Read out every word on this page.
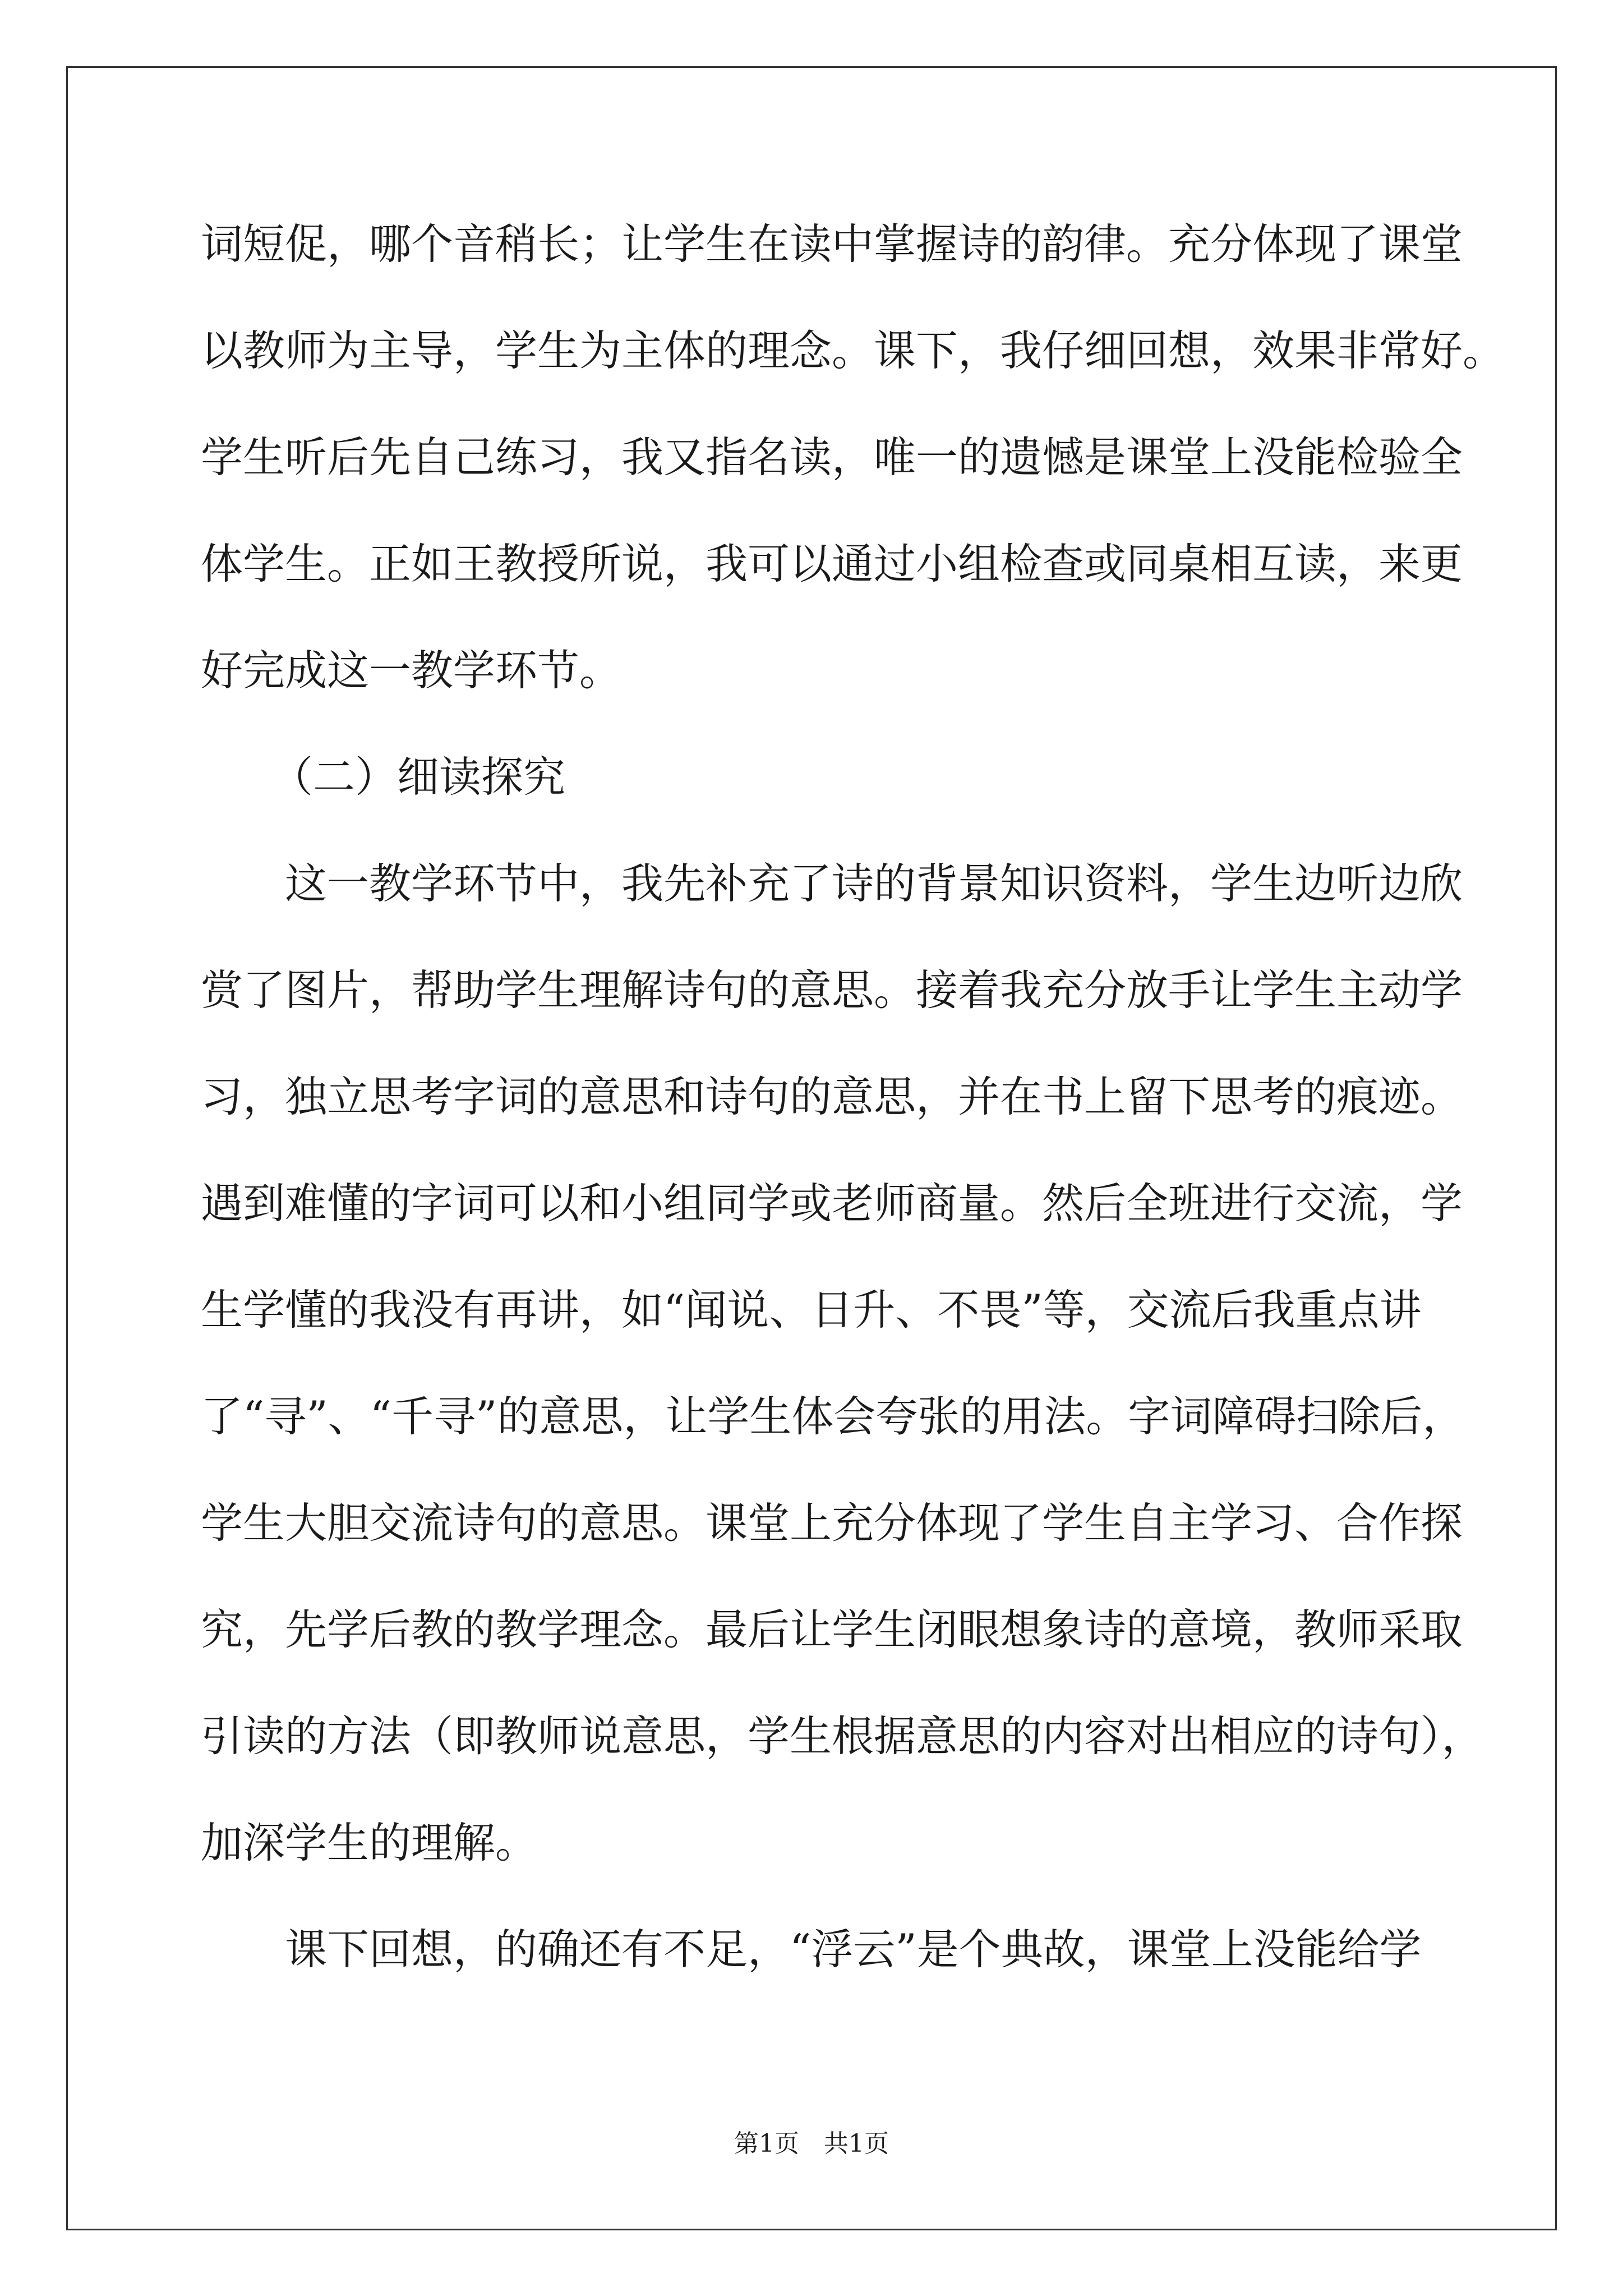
词短促，哪个音稍长；让学生在读中掌握诗的韵律。充分体现了课堂

以教师为主导，学生为主体的理念。课下，我仔细回想，效果非常好。

学生听后先自己练习，我又指名读，唯一的遗憾是课堂上没能检验全

体学生。正如王教授所说，我可以通过小组检查或同桌相互读，来更

好完成这一教学环节。

（二）细读探究

这一教学环节中，我先补充了诗的背景知识资料，学生边听边欣

赏了图片，帮助学生理解诗句的意思。接着我充分放手让学生主动学

习，独立思考字词的意思和诗句的意思，并在书上留下思考的痕迹。

遇到难懂的字词可以和小组同学或老师商量。然后全班进行交流，学

生学懂的我没有再讲，如“闻说、日升、不畏”等，交流后我重点讲

了“寻”、“千寻”的意思，让学生体会夸张的用法。字词障碍扫除后，

学生大胆交流诗句的意思。课堂上充分体现了学生自主学习、合作探

究，先学后教的教学理念。最后让学生闭眼想象诗的意境，教师采取

引读的方法（即教师说意思，学生根据意思的内容对出相应的诗句），

加深学生的理解。

课下回想，的确还有不足，“浮云”是个典故，课堂上没能给学

第1页　共1页
